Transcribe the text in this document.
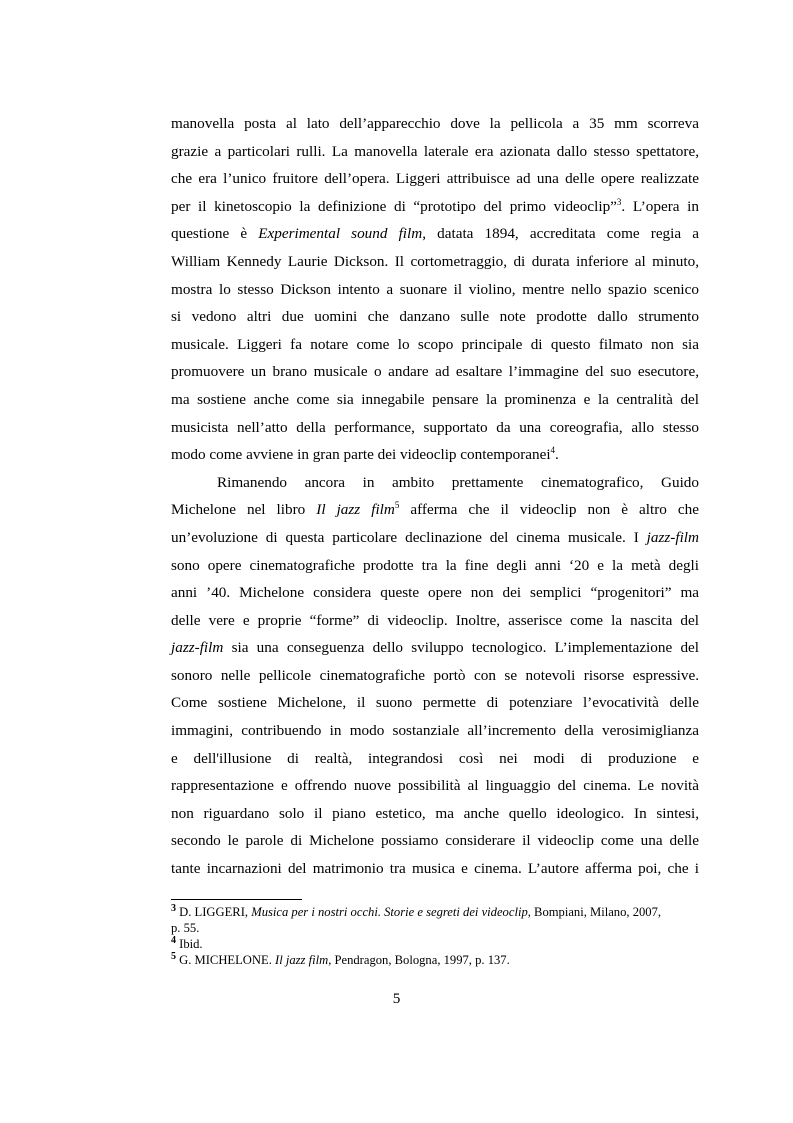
manovella posta al lato dell’apparecchio dove la pellicola a 35 mm scorreva
grazie a particolari rulli. La manovella laterale era azionata dallo stesso spettatore,
che era l’unico fruitore dell’opera. Liggeri attribuisce ad una delle opere realizzate
per il kinetoscopio la definizione di “prototipo del primo videoclip”$^3$. L’opera in
questione è Experimental sound film, datata 1894, accreditata come regia a
William Kennedy Laurie Dickson. Il cortometraggio, di durata inferiore al minuto,
mostra lo stesso Dickson intento a suonare il violino, mentre nello spazio scenico
si vedono altri due uomini che danzano sulle note prodotte dallo strumento
musicale. Liggeri fa notare come lo scopo principale di questo filmato non sia
promuovere un brano musicale o andare ad esaltare l’immagine del suo esecutore,
ma sostiene anche come sia innegabile pensare la prominenza e la centralità del
musicista nell’atto della performance, supportato da una coreografia, allo stesso
modo come avviene in gran parte dei videoclip contemporanei$^4$.

Rimanendo ancora in ambito prettamente cinematografico, Guido
Michelone nel libro Il jazz film$^5$ afferma che il videoclip non è altro che
un’evoluzione di questa particolare declinazione del cinema musicale. I jazz-film
sono opere cinematografiche prodotte tra la fine degli anni ‘20 e la metà degli
anni ’40. Michelone considera queste opere non dei semplici “progenitori” ma
delle vere e proprie “forme” di videoclip. Inoltre, asserisce come la nascita del
jazz-film sia una conseguenza dello sviluppo tecnologico. L’implementazione del
sonoro nelle pellicole cinematografiche portò con se notevoli risorse espressive.
Come sostiene Michelone, il suono permette di potenziare l’evocatività delle
immagini, contribuendo in modo sostanziale all’incremento della verosimiglianza
e dell'illusione di realtà, integrandosi così nei modi di produzione e
rappresentazione e offrendo nuove possibilità al linguaggio del cinema. Le novità
non riguardano solo il piano estetico, ma anche quello ideologico. In sintesi,
secondo le parole di Michelone possiamo considerare il videoclip come una delle
tante incarnazioni del matrimonio tra musica e cinema. L’autore afferma poi, che i

$^3$ D. LIGGERI, Musica per i nostri occhi. Storie e segreti dei videoclip, Bompiani, Milano, 2007,
p. 55.
$^4$ Ibid.
$^5$ G. MICHELONE. Il jazz film, Pendragon, Bologna, 1997, p. 137.
5
